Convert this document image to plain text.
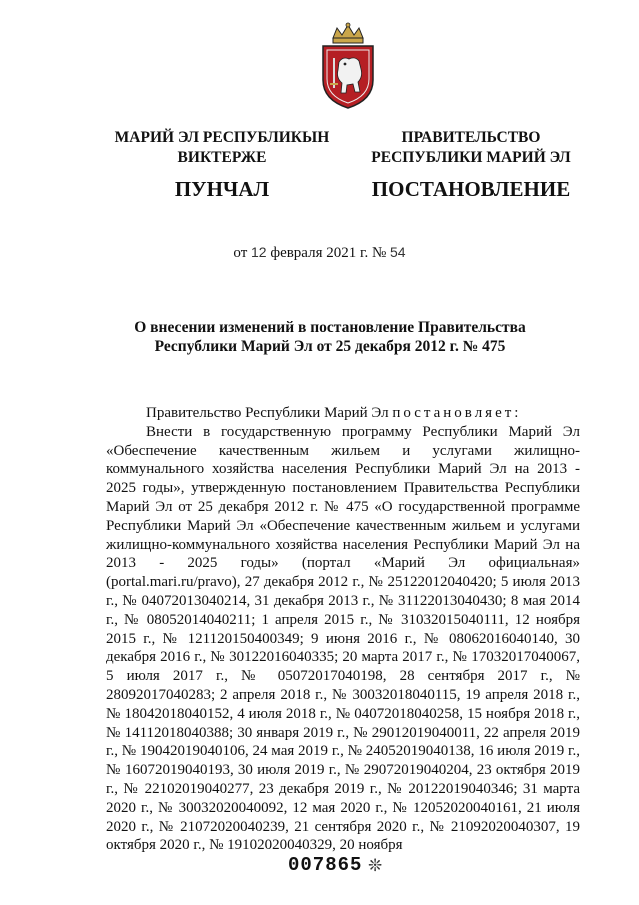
МАРИЙ ЭЛ РЕСПУБЛИКЫН
ВИКТЕРЖЕ
ПУНЧАЛ
ПРАВИТЕЛЬСТВО
РЕСПУБЛИКИ МАРИЙ ЭЛ
ПОСТАНОВЛЕНИЕ
от 12 февраля 2021 г. № 54
О внесении изменений в постановление Правительства
Республики Марий Эл от 25 декабря 2012 г. № 475

Правительство Республики Марий Эл постановляет:

Внести в государственную программу Республики Марий Эл «Обеспечение качественным жильем и услугами жилищно-коммунального хозяйства населения Республики Марий Эл на 2013 - 2025 годы», утвержденную постановлением Правительства Республики Марий Эл от 25 декабря 2012 г. № 475 «О государственной программе Республики Марий Эл «Обеспечение качественным жильем и услугами жилищно-коммунального хозяйства населения Республики Марий Эл на 2013 - 2025 годы» (портал «Марий Эл официальная» (portal.mari.ru/pravo), 27 декабря 2012 г., № 25122012040420; 5 июля 2013 г., № 04072013040214, 31 декабря 2013 г., № 31122013040430; 8 мая 2014 г., № 08052014040211; 1 апреля 2015 г., № 31032015040111, 12 ноября 2015 г., № 121120150400349; 9 июня 2016 г., № 08062016040140, 30 декабря 2016 г., № 30122016040335; 20 марта 2017 г., № 17032017040067, 5 июля 2017 г., № 05072017040198, 28 сентября 2017 г., № 28092017040283; 2 апреля 2018 г., № 30032018040115, 19 апреля 2018 г., № 18042018040152, 4 июля 2018 г., № 04072018040258, 15 ноября 2018 г., № 14112018040388; 30 января 2019 г., № 29012019040011, 22 апреля 2019 г., № 19042019040106, 24 мая 2019 г., № 24052019040138, 16 июля 2019 г., № 16072019040193, 30 июля 2019 г., № 29072019040204, 23 октября 2019 г., № 22102019040277, 23 декабря 2019 г., № 20122019040346; 31 марта 2020 г., № 30032020040092, 12 мая 2020 г., № 12052020040161, 21 июля 2020 г., № 21072020040239, 21 сентября 2020 г., № 21092020040307, 19 октября 2020 г., № 19102020040329, 20 ноября

007865 ❊
